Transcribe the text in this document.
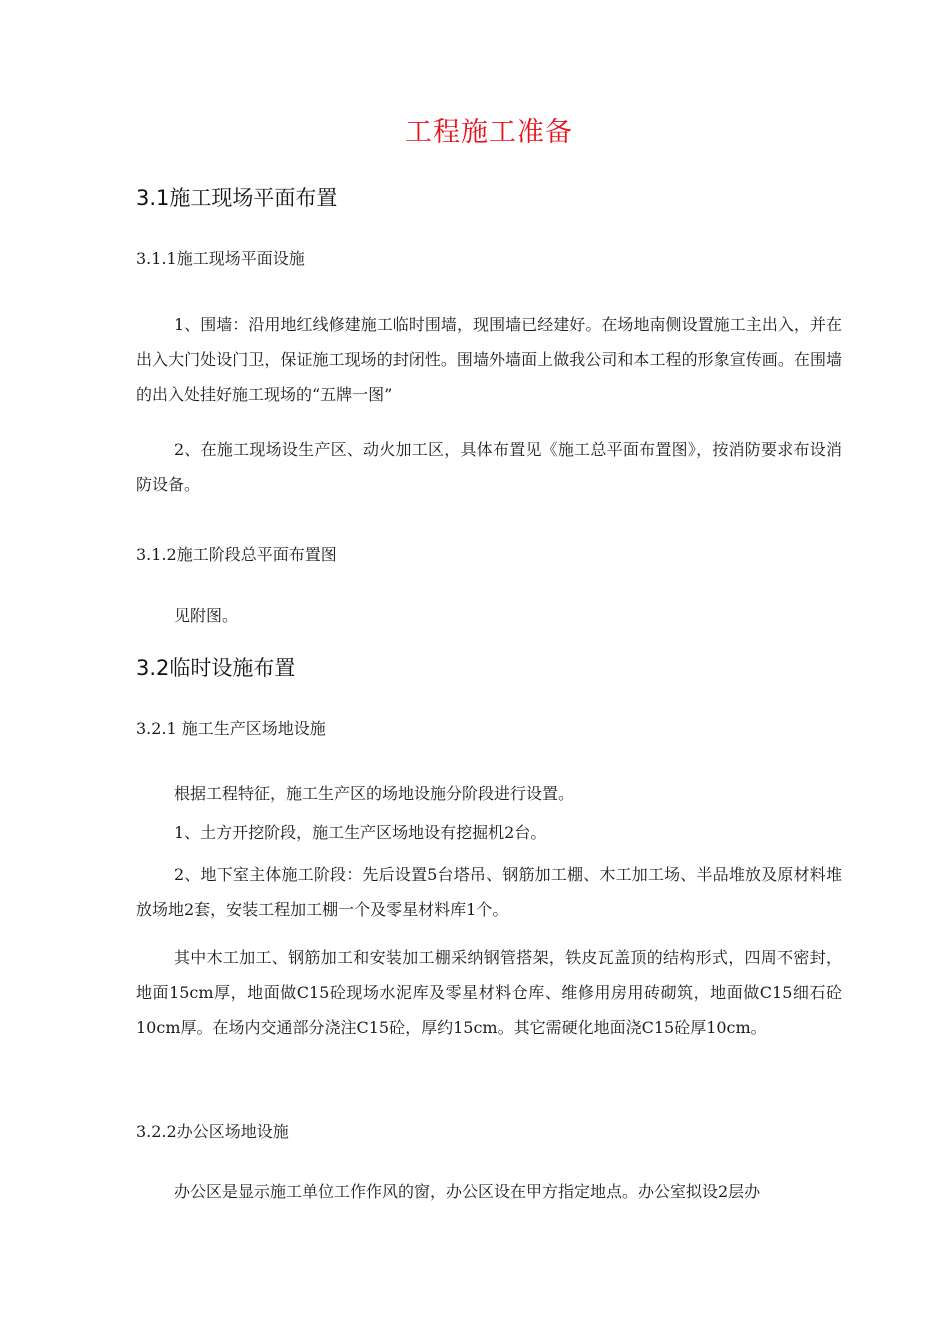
工程施工准备
3.1施工现场平面布置
3.1.1施工现场平面设施

1、围墙：沿用地红线修建施工临时围墙，现围墙已经建好。在场地南侧设置施工主出入，并在出入大门处设门卫，保证施工现场的封闭性。围墙外墙面上做我公司和本工程的形象宣传画。在围墙的出入处挂好施工现场的“五牌一图”

2、在施工现场设生产区、动火加工区，具体布置见《施工总平面布置图》，按消防要求布设消防设备。

3.1.2施工阶段总平面布置图

见附图。

3.2临时设施布置
3.2.1 施工生产区场地设施

根据工程特征，施工生产区的场地设施分阶段进行设置。

1、土方开挖阶段，施工生产区场地设有挖掘机2台。

2、地下室主体施工阶段：先后设置5台塔吊、钢筋加工棚、木工加工场、半品堆放及原材料堆放场地2套，安装工程加工棚一个及零星材料库1个。

其中木工加工、钢筋加工和安装加工棚采纳钢管搭架，铁皮瓦盖顶的结构形式，四周不密封，地面15cm厚，地面做C15砼现场水泥库及零星材料仓库、维修用房用砖砌筑，地面做C15细石砼10cm厚。在场内交通部分浇注C15砼，厚约15cm。其它需硬化地面浇C15砼厚10cm。

3.2.2办公区场地设施

办公区是显示施工单位工作作风的窗，办公区设在甲方指定地点。办公室拟设2层办
